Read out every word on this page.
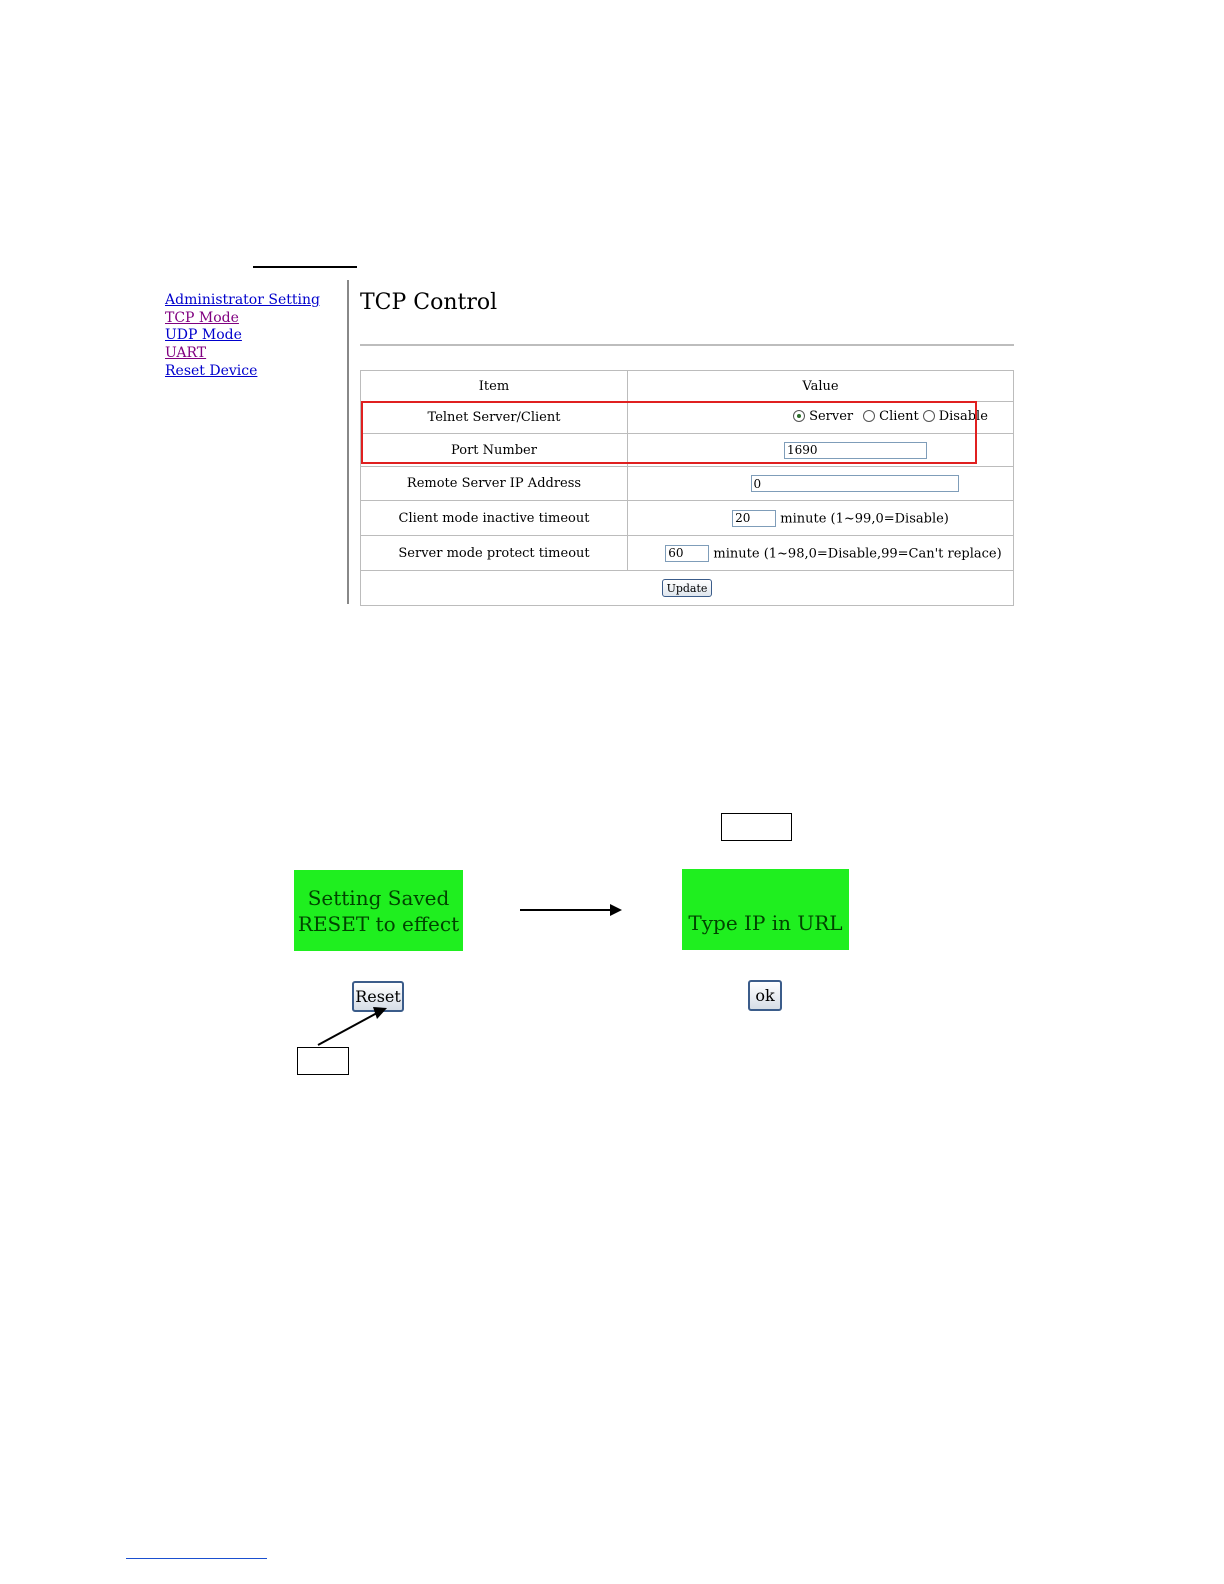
Administrator Setting
TCP Mode
UDP Mode
UART
Reset Device
TCP Control
Item	Value
Telnet Server/Client	Server Client Disable

Port Number	1690
Remote Server IP Address	0
Client mode inactive timeout	20minute (1~99,0=Disable)
Server mode protect timeout	60minute (1~98,0=Disable,99=Can't replace)
Update	
Setting Saved
RESET to effect	Type IP in URL
Reset	ok
